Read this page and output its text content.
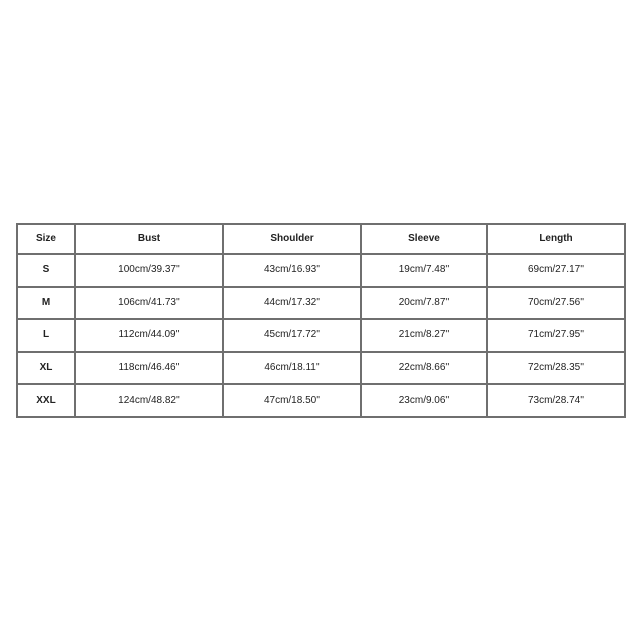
Size	Bust	Shoulder	Sleeve	Length
S	100cm/39.37''	43cm/16.93''	19cm/7.48''	69cm/27.17''
M	106cm/41.73''	44cm/17.32''	20cm/7.87''	70cm/27.56''
L	112cm/44.09''	45cm/17.72''	21cm/8.27''	71cm/27.95''
XL	118cm/46.46''	46cm/18.11''	22cm/8.66''	72cm/28.35''
XXL	124cm/48.82''	47cm/18.50''	23cm/9.06''	73cm/28.74''
